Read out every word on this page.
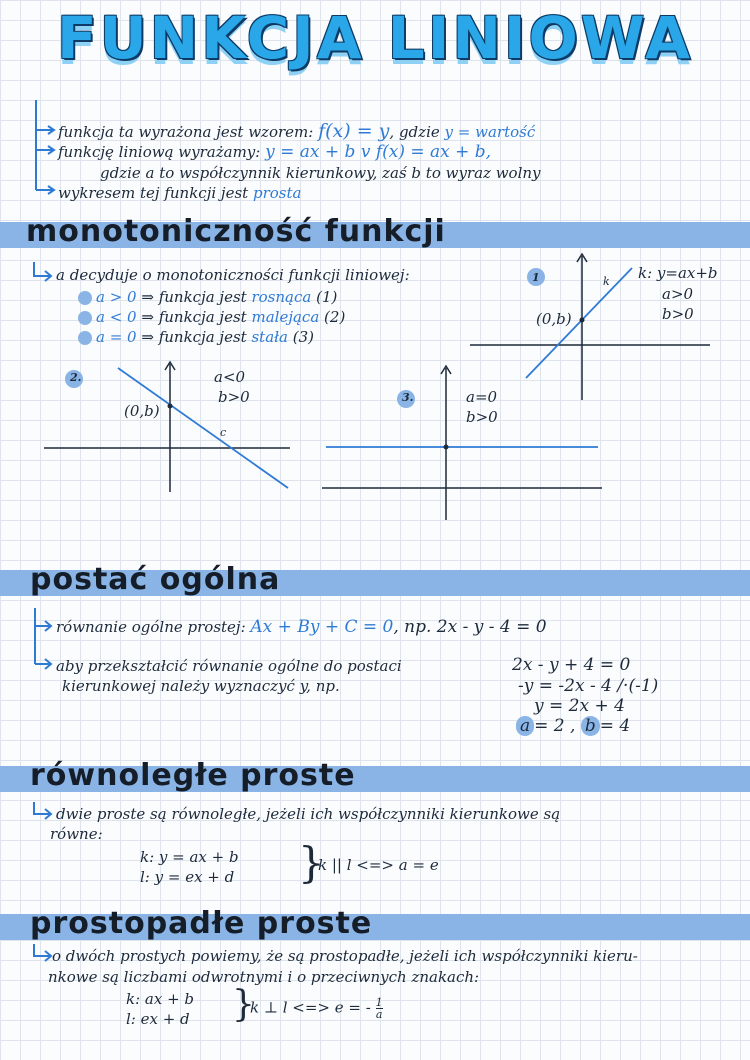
FUNKCJA LINIOWA
funkcja ta wyrażona jest wzorem: f(x) = y, gdzie y = wartość
funkcję liniową wyrażamy: y = ax + b v f(x) = ax + b,
gdzie a to współczynnik kierunkowy, zaś b to wyraz wolny
wykresem tej funkcji jest prosta
monotoniczność funkcji
a decyduje o monotoniczności funkcji liniowej:
a > 0 ⇒ funkcja jest rosnąca (1)
a < 0 ⇒ funkcja jest malejąca (2)
a = 0 ⇒ funkcja jest stała (3)
1
(0,b)
k k: y=ax+b
a>0
b>0
2.
(0,b)
c
a<0
b>0	3.	a=0
b>0
postać ogólna
równanie ogólne prostej: Ax + By + C = 0, np. 2x - y - 4 = 0
aby przekształcić równanie ogólne do postaci
kierunkowej należy wyznaczyć y, np.
2x - y + 4 = 0
-y = -2x - 4 /·(-1)
y = 2x + 4
a = 2 , b = 4
równoległe proste
dwie proste są równoległe, jeżeli ich współczynniki kierunkowe są
równe:
k: y = ax + b
l: y = ex + d }
k || l <=> a = e
prostopadłe proste
o dwóch prostych powiemy, że są prostopadłe, jeżeli ich współczynniki kieru-
nkowe są liczbami odwrotnymi i o przeciwnych znakach:
k: ax + b
l: ex + d }
k ⊥ l <=> e = - $\frac{1}{a}$
